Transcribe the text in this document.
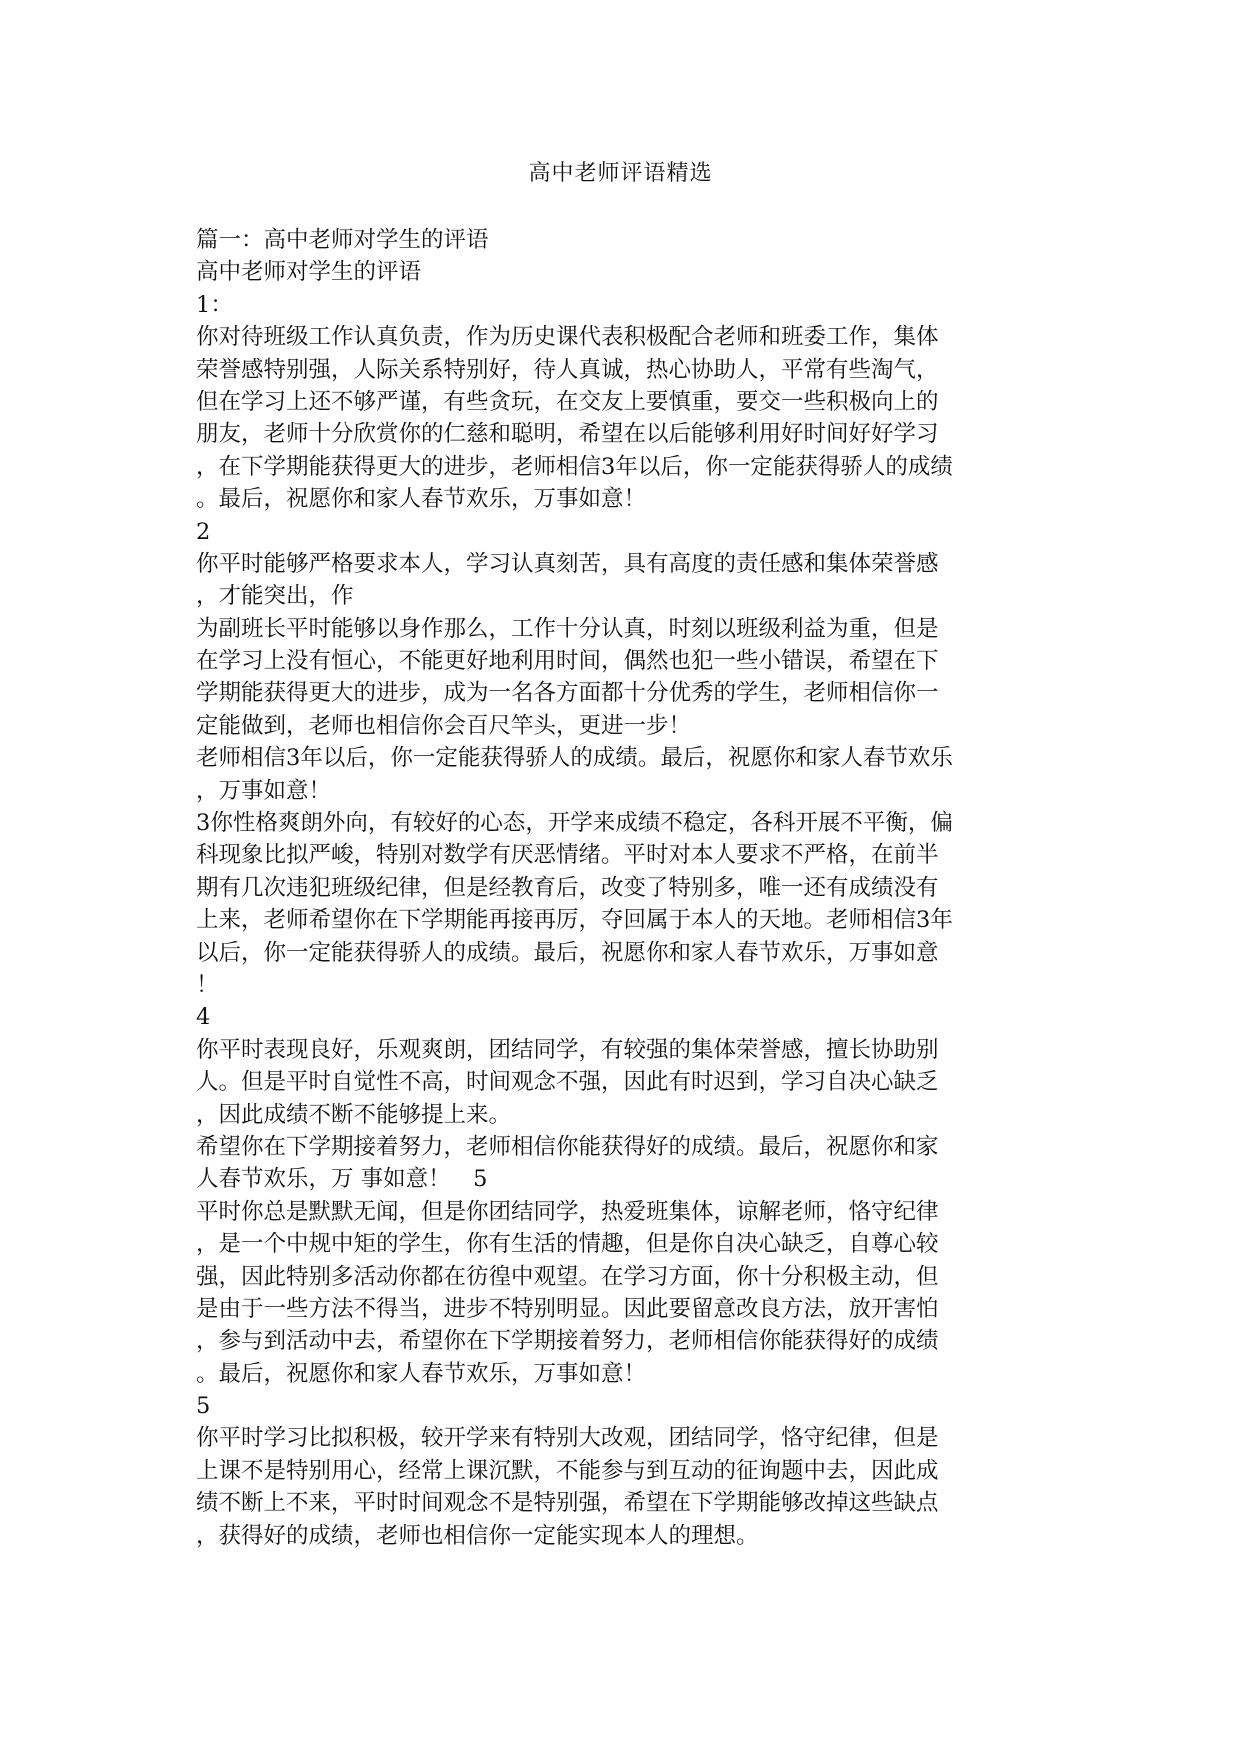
高中老师评语精选
篇一：高中老师对学生的评语
高中老师对学生的评语
1：
你对待班级工作认真负责，作为历史课代表积极配合老师和班委工作，集体
荣誉感特别强，人际关系特别好，待人真诚，热心协助人，平常有些淘气，
但在学习上还不够严谨，有些贪玩，在交友上要慎重，要交一些积极向上的
朋友，老师十分欣赏你的仁慈和聪明，希望在以后能够利用好时间好好学习
，在下学期能获得更大的进步，老师相信3年以后，你一定能获得骄人的成绩
。最后，祝愿你和家人春节欢乐，万事如意！
2
你平时能够严格要求本人，学习认真刻苦，具有高度的责任感和集体荣誉感
，才能突出，作
为副班长平时能够以身作那么，工作十分认真，时刻以班级利益为重，但是
在学习上没有恒心，不能更好地利用时间，偶然也犯一些小错误，希望在下
学期能获得更大的进步，成为一名各方面都十分优秀的学生，老师相信你一
定能做到，老师也相信你会百尺竿头，更进一步！
老师相信3年以后，你一定能获得骄人的成绩。最后，祝愿你和家人春节欢乐
，万事如意！
3你性格爽朗外向，有较好的心态，开学来成绩不稳定，各科开展不平衡，偏
科现象比拟严峻，特别对数学有厌恶情绪。平时对本人要求不严格，在前半
期有几次违犯班级纪律，但是经教育后，改变了特别多，唯一还有成绩没有
上来，老师希望你在下学期能再接再厉，夺回属于本人的天地。老师相信3年
以后，你一定能获得骄人的成绩。最后，祝愿你和家人春节欢乐，万事如意
！
4
你平时表现良好，乐观爽朗，团结同学，有较强的集体荣誉感，擅长协助别
人。但是平时自觉性不高，时间观念不强，因此有时迟到，学习自决心缺乏
，因此成绩不断不能够提上来。
希望你在下学期接着努力，老师相信你能获得好的成绩。最后，祝愿你和家
人春节欢乐，万 事如意！　5
平时你总是默默无闻，但是你团结同学，热爱班集体，谅解老师，恪守纪律
，是一个中规中矩的学生，你有生活的情趣，但是你自决心缺乏，自尊心较
强，因此特别多活动你都在彷徨中观望。在学习方面，你十分积极主动，但
是由于一些方法不得当，进步不特别明显。因此要留意改良方法，放开害怕
，参与到活动中去，希望你在下学期接着努力，老师相信你能获得好的成绩
。最后，祝愿你和家人春节欢乐，万事如意！
5
你平时学习比拟积极，较开学来有特别大改观，团结同学，恪守纪律，但是
上课不是特别用心，经常上课沉默，不能参与到互动的征询题中去，因此成
绩不断上不来，平时时间观念不是特别强，希望在下学期能够改掉这些缺点
，获得好的成绩，老师也相信你一定能实现本人的理想。
